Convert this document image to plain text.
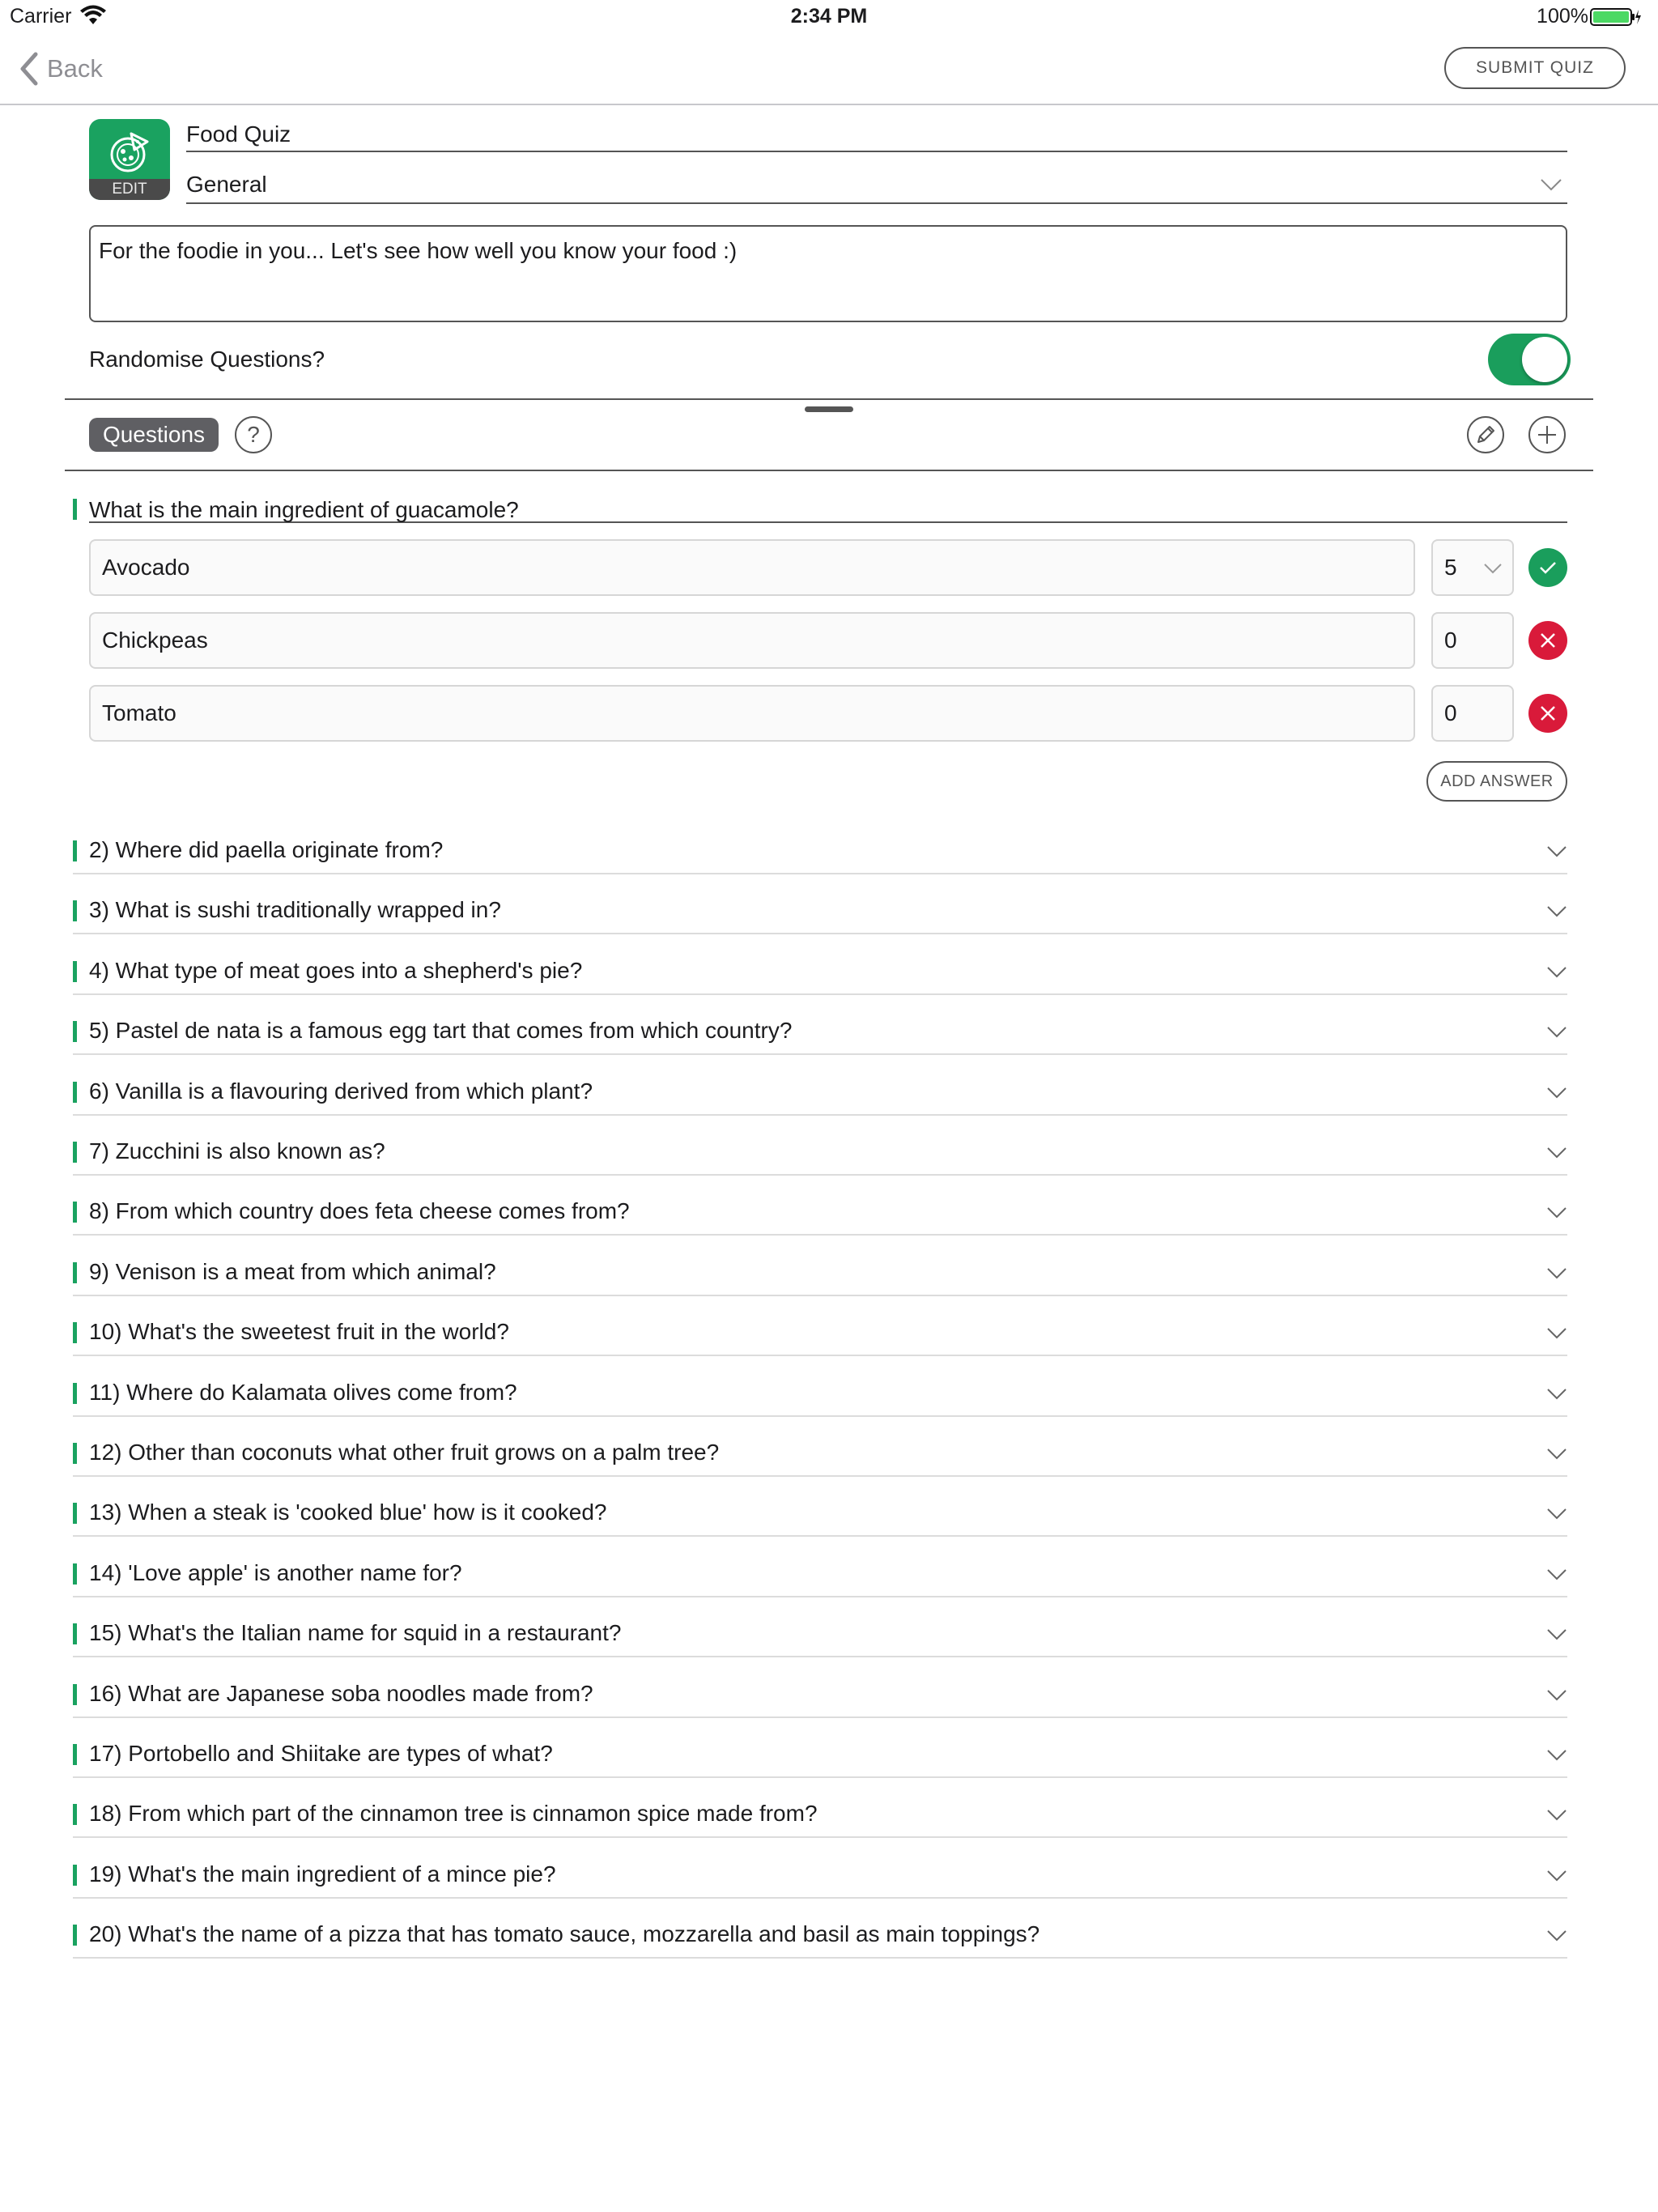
Carrier	2:34 PM	100%
Back	SUBMIT QUIZ
EDIT
Food Quiz
General
For the foodie in you... Let's see how well you know your food :)
Randomise Questions?
Questions	?
What is the main ingredient of guacamole?
Avocado	5
Chickpeas	0
Tomato	0
ADD ANSWER
2) Where did paella originate from?
3) What is sushi traditionally wrapped in?
4) What type of meat goes into a shepherd's pie?
5) Pastel de nata is a famous egg tart that comes from which country?
6) Vanilla is a flavouring derived from which plant?
7) Zucchini is also known as?
8) From which country does feta cheese comes from?
9) Venison is a meat from which animal?
10) What's the sweetest fruit in the world?
11) Where do Kalamata olives come from?
12) Other than coconuts what other fruit grows on a palm tree?
13) When a steak is 'cooked blue' how is it cooked?
14) 'Love apple' is another name for?
15) What's the Italian name for squid in a restaurant?
16) What are Japanese soba noodles made from?
17) Portobello and Shiitake are types of what?
18) From which part of the cinnamon tree is cinnamon spice made from?
19) What's the main ingredient of a mince pie?
20) What's the name of a pizza that has tomato sauce, mozzarella and basil as main toppings?
